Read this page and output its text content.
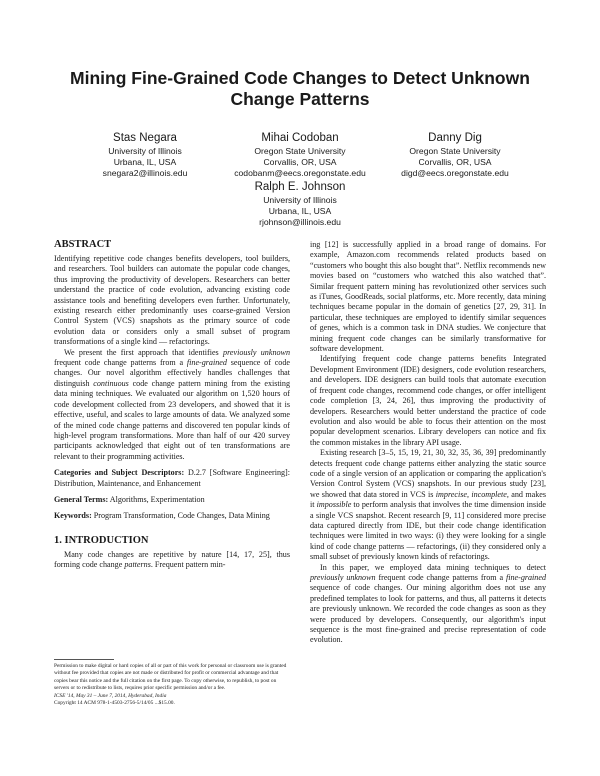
Mining Fine-Grained Code Changes to Detect Unknown
Change Patterns
Stas Negara
University of Illinois
Urbana, IL, USA
snegara2@illinois.edu
Mihai Codoban
Oregon State University
Corvallis, OR, USA
codobanm@eecs.oregonstate.edu
Danny Dig
Oregon State University
Corvallis, OR, USA
digd@eecs.oregonstate.edu
Ralph E. Johnson
University of Illinois
Urbana, IL, USA
rjohnson@illinois.edu
ABSTRACT

Identifying repetitive code changes benefits developers, tool builders, and researchers. Tool builders can automate the popular code changes, thus improving the productivity of developers. Researchers can better understand the practice of code evolution, advancing existing code assistance tools and benefiting developers even further. Unfortunately, existing research either predominantly uses coarse-grained Version Control System (VCS) snapshots as the primary source of code evolution data or considers only a small subset of program transformations of a single kind — refactorings.

We present the first approach that identifies previously unknown frequent code change patterns from a fine-grained sequence of code changes. Our novel algorithm effectively handles challenges that distinguish continuous code change pattern mining from the existing data mining techniques. We evaluated our algorithm on 1,520 hours of code development collected from 23 developers, and showed that it is effective, useful, and scales to large amounts of data. We analyzed some of the mined code change patterns and discovered ten popular kinds of high-level program transformations. More than half of our 420 survey participants acknowledged that eight out of ten transformations are relevant to their programming activities.

Categories and Subject Descriptors: D.2.7 [Software Engineering]: Distribution, Maintenance, and Enhancement

General Terms: Algorithms, Experimentation

Keywords: Program Transformation, Code Changes, Data Mining

1. INTRODUCTION

Many code changes are repetitive by nature [14, 17, 25], thus forming code change patterns. Frequent pattern min-

Permission to make digital or hard copies of all or part of this work for personal or classroom use is granted without fee provided that copies are not made or distributed for profit or commercial advantage and that copies bear this notice and the full citation on the first page. To copy otherwise, to republish, to post on servers or to redistribute to lists, requires prior specific permission and/or a fee.

ICSE '14, May 31 – June 7, 2014, Hyderabad, India

Copyright 14 ACM 978-1-4503-2756-5/14/05 ...$15.00.

ing [12] is successfully applied in a broad range of domains. For example, Amazon.com recommends related products based on “customers who bought this also bought that”. Netflix recommends new movies based on “customers who watched this also watched that”. Similar frequent pattern mining has revolutionized other services such as iTunes, GoodReads, social platforms, etc. More recently, data mining techniques became popular in the domain of genetics [27, 29, 31]. In particular, these techniques are employed to identify similar sequences of genes, which is a common task in DNA studies. We conjecture that mining frequent code changes can be similarly transformative for software development.

Identifying frequent code change patterns benefits Integrated Development Environment (IDE) designers, code evolution researchers, and developers. IDE designers can build tools that automate execution of frequent code changes, recommend code changes, or offer intelligent code completion [3, 24, 26], thus improving the productivity of developers. Researchers would better understand the practice of code evolution and also would be able to focus their attention on the most popular development scenarios. Library developers can notice and fix the common mistakes in the library API usage.

Existing research [3–5, 15, 19, 21, 30, 32, 35, 36, 39] predominantly detects frequent code change patterns either analyzing the static source code of a single version of an application or comparing the application's Version Control System (VCS) snapshots. In our previous study [23], we showed that data stored in VCS is imprecise, incomplete, and makes it impossible to perform analysis that involves the time dimension inside a single VCS snapshot. Recent research [9, 11] considered more precise data captured directly from IDE, but their code change identification techniques were limited in two ways: (i) they were looking for a single kind of code change patterns — refactorings, (ii) they considered only a small subset of previously known kinds of refactorings.

In this paper, we employed data mining techniques to detect previously unknown frequent code change patterns from a fine-grained sequence of code changes. Our mining algorithm does not use any predefined templates to look for patterns, and thus, all patterns it detects are previously unknown. We recorded the code changes as soon as they were produced by developers. Consequently, our algorithm's input sequence is the most fine-grained and precise representation of code evolution.
